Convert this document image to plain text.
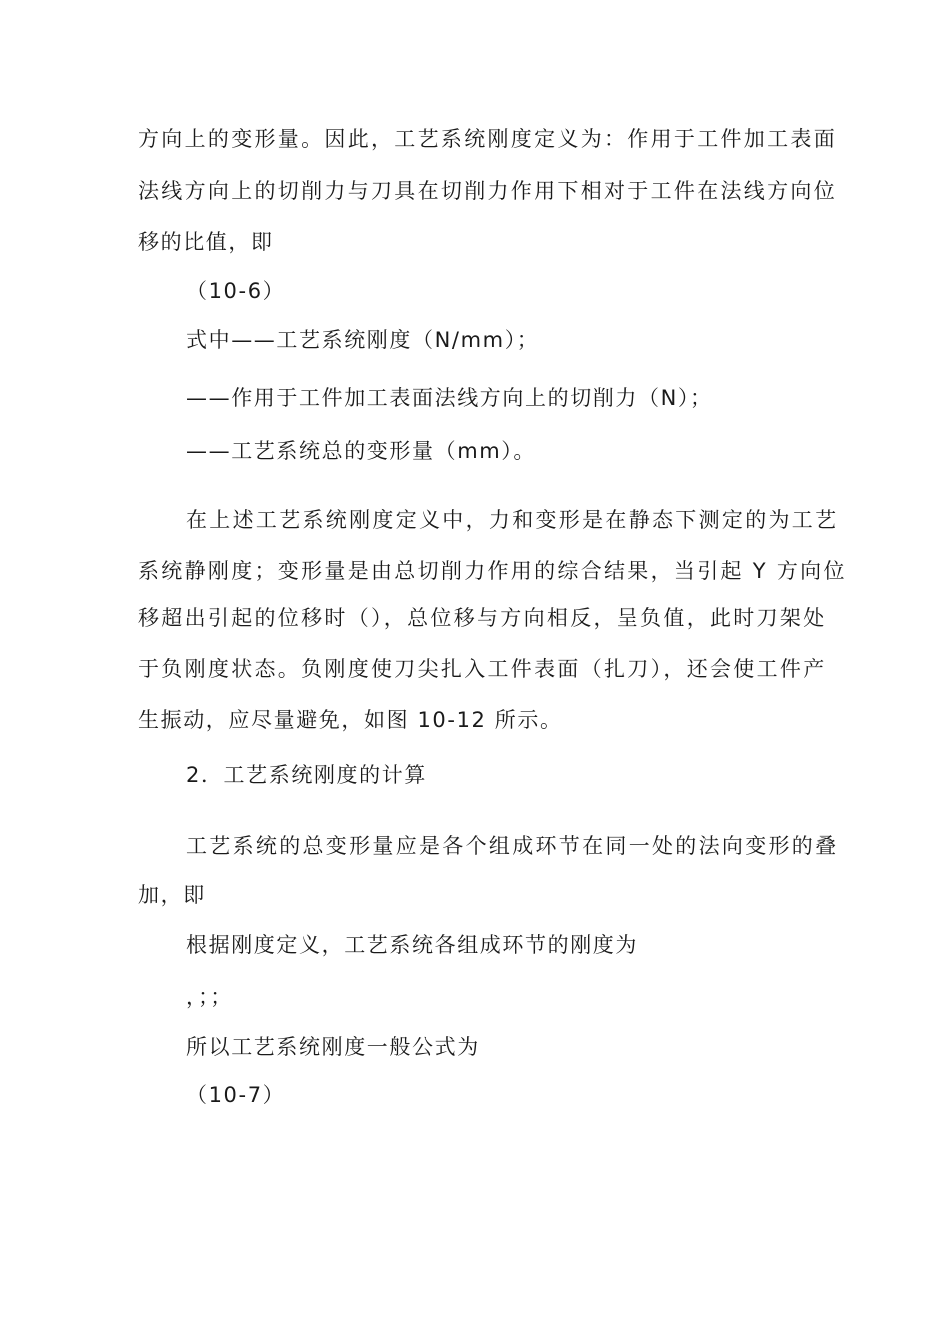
方向上的变形量。因此，工艺系统刚度定义为：作用于工件加工表面
法线方向上的切削力与刀具在切削力作用下相对于工件在法线方向位
移的比值，即
（10-6）
式中——工艺系统刚度（N/mm）；
——作用于工件加工表面法线方向上的切削力（N）；
——工艺系统总的变形量（mm）。
在上述工艺系统刚度定义中，力和变形是在静态下测定的为工艺
系统静刚度；变形量是由总切削力作用的综合结果，当引起 Y 方向位
移超出引起的位移时（），总位移与方向相反，呈负值，此时刀架处
于负刚度状态。负刚度使刀尖扎入工件表面（扎刀），还会使工件产
生振动，应尽量避免，如图 10-12 所示。
2．工艺系统刚度的计算
工艺系统的总变形量应是各个组成环节在同一处的法向变形的叠
加，即
根据刚度定义，工艺系统各组成环节的刚度为
，；；
所以工艺系统刚度一般公式为
（10-7）
